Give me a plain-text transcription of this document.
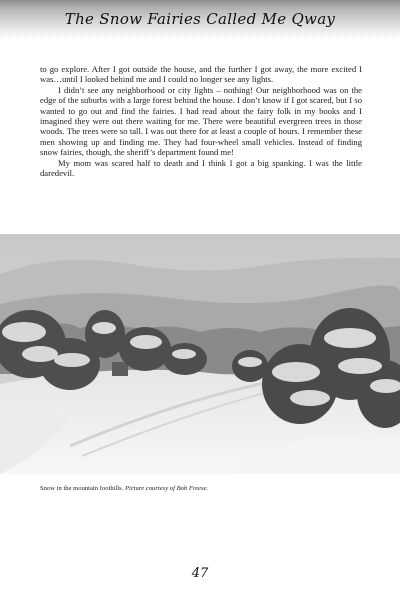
The Snow Fairies Called Me Qway

to go explore. After I got outside the house, and the further I got away, the more excited I was…until I looked behind me and I could no longer see any lights.

I didn’t see any neighborhood or city lights – nothing! Our neighborhood was on the edge of the suburbs with a large forest behind the house. I don’t know if I got scared, but I so wanted to go out and find the fairies. I had read about the fairy folk in my books and I imagined they were out there waiting for me. There were beautiful evergreen trees in those woods. The trees were so tall. I was out there for at least a couple of hours. I remember these men showing up and finding me. They had four-wheel small vehicles. Instead of finding snow fairies, though, the sheriff’s department found me!

My mom was scared half to death and I think I got a big spanking. I was the little daredevil.

Snow in the mountain foothills. Picture courtesy of Bob Freese.
47
